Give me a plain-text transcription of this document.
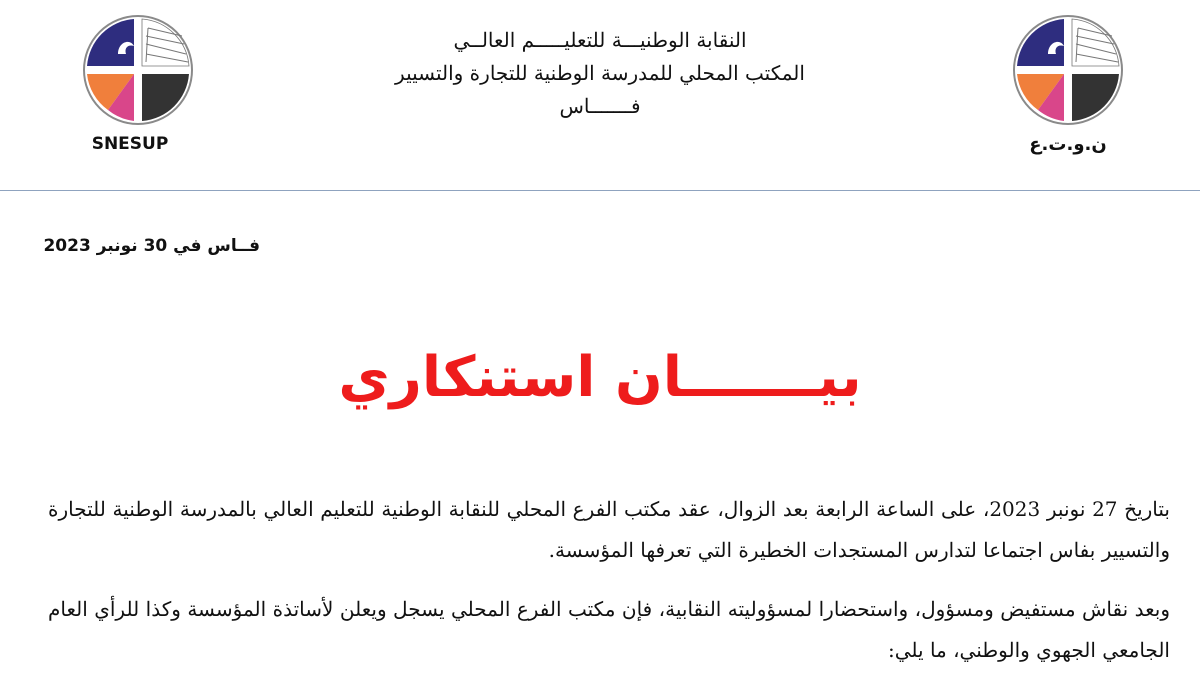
SNESUP	ن.و.ت.ع
النقابة الوطنيـــة للتعليـــــم العالــي
المكتب المحلي للمدرسة الوطنية للتجارة والتسيير
فـــــــاس
فــاس في 30 نونبر 2023
بيـــــــان استنكاري
بتاريخ 27 نونبر 2023، على الساعة الرابعة بعد الزوال، عقد مكتب الفرع المحلي للنقابة الوطنية للتعليم العالي بالمدرسة الوطنية للتجارة والتسيير بفاس اجتماعا لتدارس المستجدات الخطيرة التي تعرفها المؤسسة.
وبعد نقاش مستفيض ومسؤول، واستحضارا لمسؤوليته النقابية، فإن مكتب الفرع المحلي يسجل ويعلن لأساتذة المؤسسة وكذا للرأي العام الجامعي الجهوي والوطني، ما يلي:
